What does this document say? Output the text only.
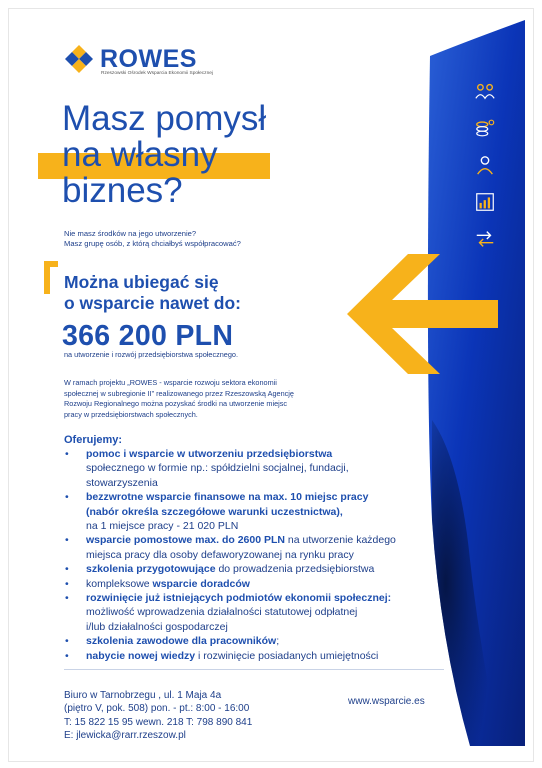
ROWES
Rzeszowski Ośrodek Wsparcia Ekonomii Społecznej
Masz pomysł
na własny
biznes?
Nie masz środków na jego utworzenie?
Masz grupę osób, z którą chciałbyś współpracować?
Można ubiegać się
o wsparcie nawet do:
366 200 PLN
na utworzenie i rozwój przedsiębiorstwa społecznego.
W ramach projektu „ROWES - wsparcie rozwoju sektora ekonomii
społecznej w subregionie II” realizowanego przez Rzeszowską Agencję
Rozwoju Regionalnego można pozyskać środki na utworzenie miejsc
pracy w przedsiębiorstwach społecznych.
Oferujemy:
• pomoc i wsparcie w utworzeniu przedsiębiorstwa
społecznego w formie np.: spółdzielni socjalnej, fundacji,
stowarzyszenia
• bezzwrotne wsparcie finansowe na max. 10 miejsc pracy
(nabór określa szczegółowe warunki uczestnictwa),
na 1 miejsce pracy - 21 020 PLN
• wsparcie pomostowe max. do 2600 PLN na utworzenie każdego
miejsca pracy dla osoby defaworyzowanej na rynku pracy
• szkolenia przygotowujące do prowadzenia przedsiębiorstwa
• kompleksowe wsparcie doradców
• rozwinięcie już istniejących podmiotów ekonomii społecznej:
możliwość wprowadzenia działalności statutowej odpłatnej
i/lub działalności gospodarczej
• szkolenia zawodowe dla pracowników;
• nabycie nowej wiedzy i rozwinięcie posiadanych umiejętności
Biuro w Tarnobrzegu , ul. 1 Maja 4a
(piętro V, pok. 508) pon. - pt.: 8:00 - 16:00
T: 15 822 15 95 wewn. 218 T: 798 890 841
E: jlewicka@rarr.rzeszow.pl
www.wsparcie.es
